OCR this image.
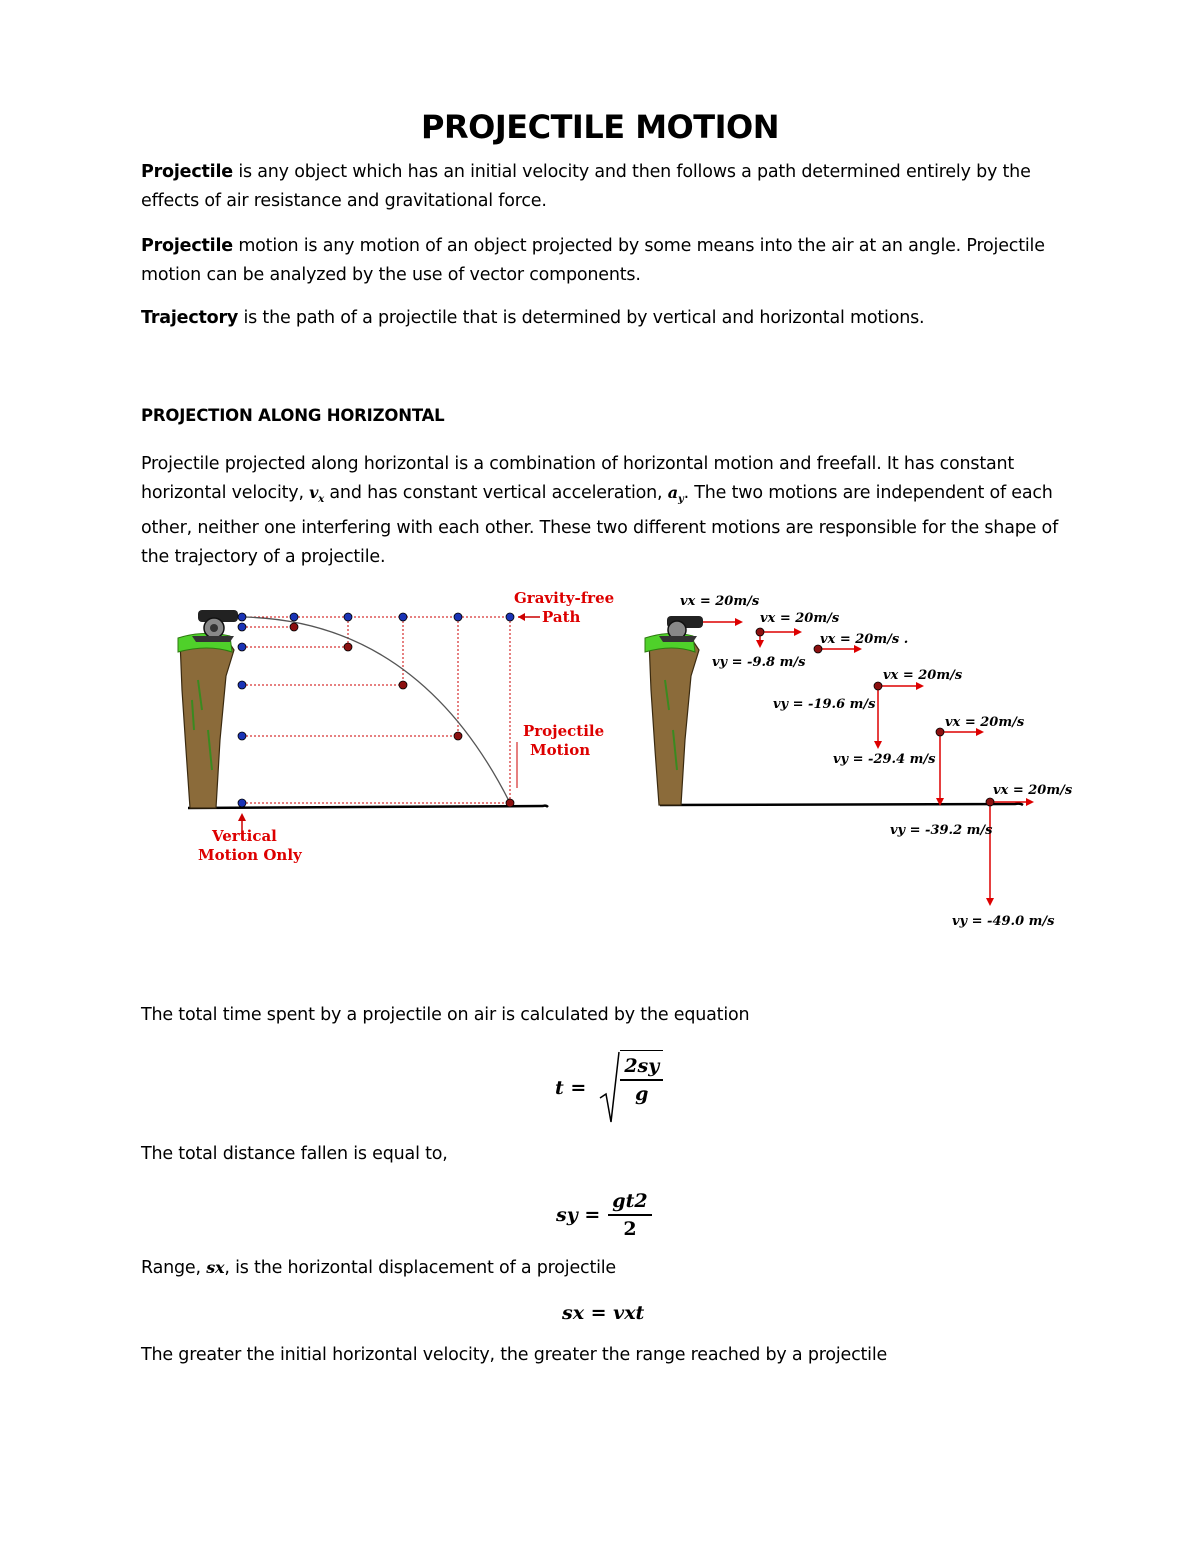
PROJECTILE MOTION

Projectile is any object which has an initial velocity and then follows a path determined entirely by the effects of air resistance and gravitational force.

Projectile motion is any motion of an object projected by some means into the air at an angle. Projectile motion can be analyzed by the use of vector components.

Trajectory is the path of a projectile that is determined by vertical and horizontal motions.

PROJECTION ALONG HORIZONTAL

Projectile projected along horizontal is a combination of horizontal motion and freefall. It has constant horizontal velocity, $v_x$ and has constant vertical acceleration, $a_y$. The two motions are independent of each other, neither one interfering with each other. These two different motions are responsible for the shape of the trajectory of a projectile.

Gravity-free
Path
Projectile
Motion
Vertical
Motion Only
vx = 20m/s
vx = 20m/s
vx = 20m/s .
vx = 20m/s
vx = 20m/s
vx = 20m/s
vy = -9.8 m/s
vy = -19.6 m/s
vy = -29.4 m/s
vy = -39.2 m/s
vy = -49.0 m/s
The total time spent by a projectile on air is calculated by the equation
$t = \frac{2sy}{g}$
The total distance fallen is equal to,
sy = $\frac{gt2}{2}$
Range, sx, is the horizontal displacement of a projectile
sx = vxt
The greater the initial horizontal velocity, the greater the range reached by a projectile
